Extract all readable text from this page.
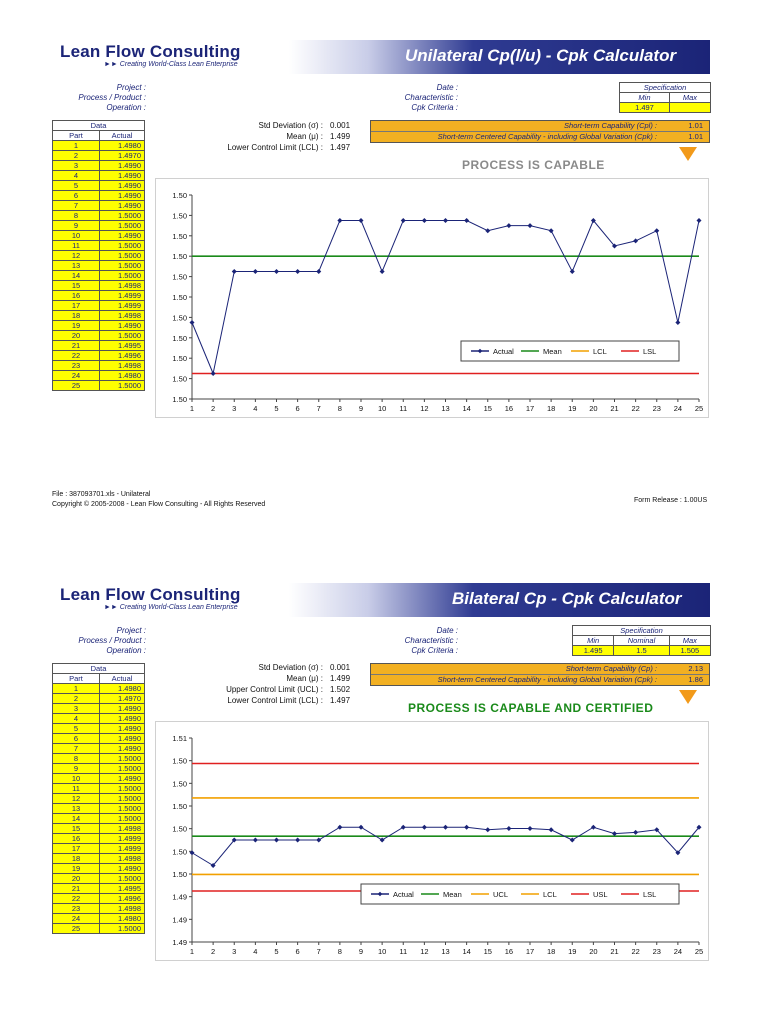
Lean Flow Consulting
►► Creating World-Class Lean Enterprise	Unilateral Cp(l/u) - Cpk Calculator
Project :
Process / Product :
Operation :
Date :
Characteristic :
Cpk Criteria :
Specification	
Min	Max
1.497	
Data	
Part	Actual
1	1.4980
2	1.4970
3	1.4990
4	1.4990
5	1.4990
6	1.4990
7	1.4990
8	1.5000
9	1.5000
10	1.4990
11	1.5000
12	1.5000
13	1.5000
14	1.5000
15	1.4998
16	1.4999
17	1.4999
18	1.4998
19	1.4990
20	1.5000
21	1.4995
22	1.4996
23	1.4998
24	1.4980
25	1.5000
Std Deviation (σ) : 0.001
Mean (μ) : 1.499
Lower Control Limit (LCL) : 1.497
Short-term Capability (Cpl) :	1.01
Short-term Centered Capability - including Global Variation (Cpk) :	1.01
PROCESS IS CAPABLE
1.50
1.50
1.50
1.50
1.50
1.50
1.50
1.50
1.50
1.50
1.50
1 2 3 4 5 6 7 8 9 10 11 12 13 14 15 16 17 18 19 20 21 22 23 24 25
Actual	Mean	LCL	LSL
File : 387093701.xls - Unilateral
Copyright © 2005-2008 - Lean Flow Consulting - All Rights Reserved
Form Release : 1.00US
Lean Flow Consulting
►► Creating World-Class Lean Enterprise	Bilateral Cp - Cpk Calculator
Project :
Process / Product :
Operation :
Date :
Characteristic :
Cpk Criteria :
Specification		
Min	Nominal	Max
1.495	1.5	1.505
Data	
Part	Actual
1	1.4980
2	1.4970
3	1.4990
4	1.4990
5	1.4990
6	1.4990
7	1.4990
8	1.5000
9	1.5000
10	1.4990
11	1.5000
12	1.5000
13	1.5000
14	1.5000
15	1.4998
16	1.4999
17	1.4999
18	1.4998
19	1.4990
20	1.5000
21	1.4995
22	1.4996
23	1.4998
24	1.4980
25	1.5000
Std Deviation (σ) : 0.001
Mean (μ) : 1.499
Upper Control Limit (UCL) : 1.502
Lower Control Limit (LCL) : 1.497
Short-term Capability (Cp) :	2.13
Short-term Centered Capability - including Global Variation (Cpk) :	1.86
PROCESS IS CAPABLE AND CERTIFIED
1.51
1.50
1.50
1.50
1.50
1.50
1.50
1.49
1.49
1.49
1 2 3 4 5 6 7 8 9 10 11 12 13 14 15 16 17 18 19 20 21 22 23 24 25
Actual	Mean	UCL	LCL	USL	LSL
